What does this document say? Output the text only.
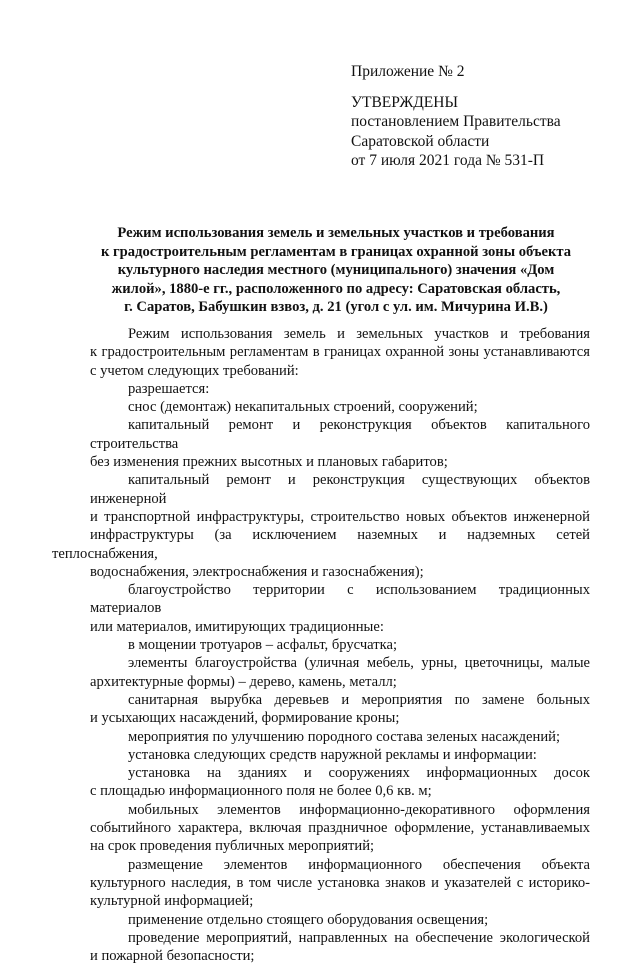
Приложение № 2
УТВЕРЖДЕНЫ
постановлением Правительства
Саратовской области
от 7 июля 2021 года № 531-П
Режим использования земель и земельных участков и требования
к градостроительным регламентам в границах охранной зоны объекта
культурного наследия местного (муниципального) значения «Дом
жилой», 1880-е гг., расположенного по адресу: Саратовская область,
г. Саратов, Бабушкин взвоз, д. 21 (угол с ул. им. Мичурина И.В.)

Режим использования земель и земельных участков и требования
к градостроительным регламентам в границах охранной зоны устанавливаются
с учетом следующих требований:

разрешается:

снос (демонтаж) некапитальных строений, сооружений;

капитальный ремонт и реконструкция объектов капитального строительства
без изменения прежних высотных и плановых габаритов;

капитальный ремонт и реконструкция существующих объектов инженерной
и транспортной инфраструктуры, строительство новых объектов инженерной
инфраструктуры (за исключением наземных и надземных сетей теплоснабжения,
водоснабжения, электроснабжения и газоснабжения);

благоустройство территории с использованием традиционных материалов
или материалов, имитирующих традиционные:

в мощении тротуаров – асфальт, брусчатка;

элементы благоустройства (уличная мебель, урны, цветочницы, малые
архитектурные формы) – дерево, камень, металл;

санитарная вырубка деревьев и мероприятия по замене больных
и усыхающих насаждений, формирование кроны;

мероприятия по улучшению породного состава зеленых насаждений;

установка следующих средств наружной рекламы и информации:

установка на зданиях и сооружениях информационных досок
с площадью информационного поля не более 0,6 кв. м;

мобильных элементов информационно-декоративного оформления
событийного характера, включая праздничное оформление, устанавливаемых
на срок проведения публичных мероприятий;

размещение элементов информационного обеспечения объекта
культурного наследия, в том числе установка знаков и указателей с историко-
культурной информацией;

применение отдельно стоящего оборудования освещения;

проведение мероприятий, направленных на обеспечение экологической
и пожарной безопасности;
